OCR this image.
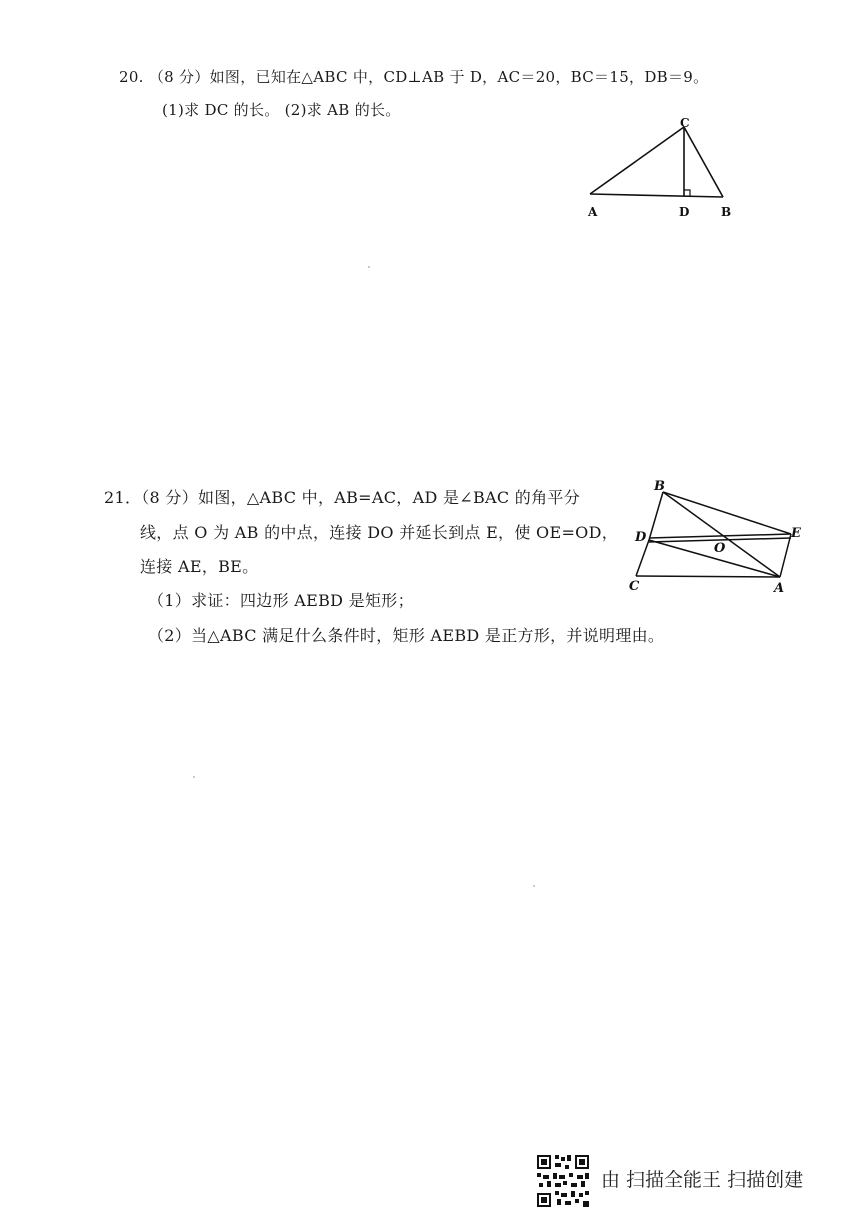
20. （8 分）如图，已知在△ABC 中，CD⊥AB 于 D，AC＝20，BC＝15，DB＝9。
(1)求 DC 的长。 (2)求 AB 的长。
C
A	D	B
21．（8 分）如图，△ABC 中，AB=AC，AD 是∠BAC 的角平分
线，点 O 为 AB 的中点，连接 DO 并延长到点 E，使 OE=OD，
连接 AE，BE。
（1）求证：四边形 AEBD 是矩形；
（2）当△ABC 满足什么条件时，矩形 AEBD 是正方形，并说明理由。
B
D
O
E
C	A
由 扫描全能王 扫描创建
